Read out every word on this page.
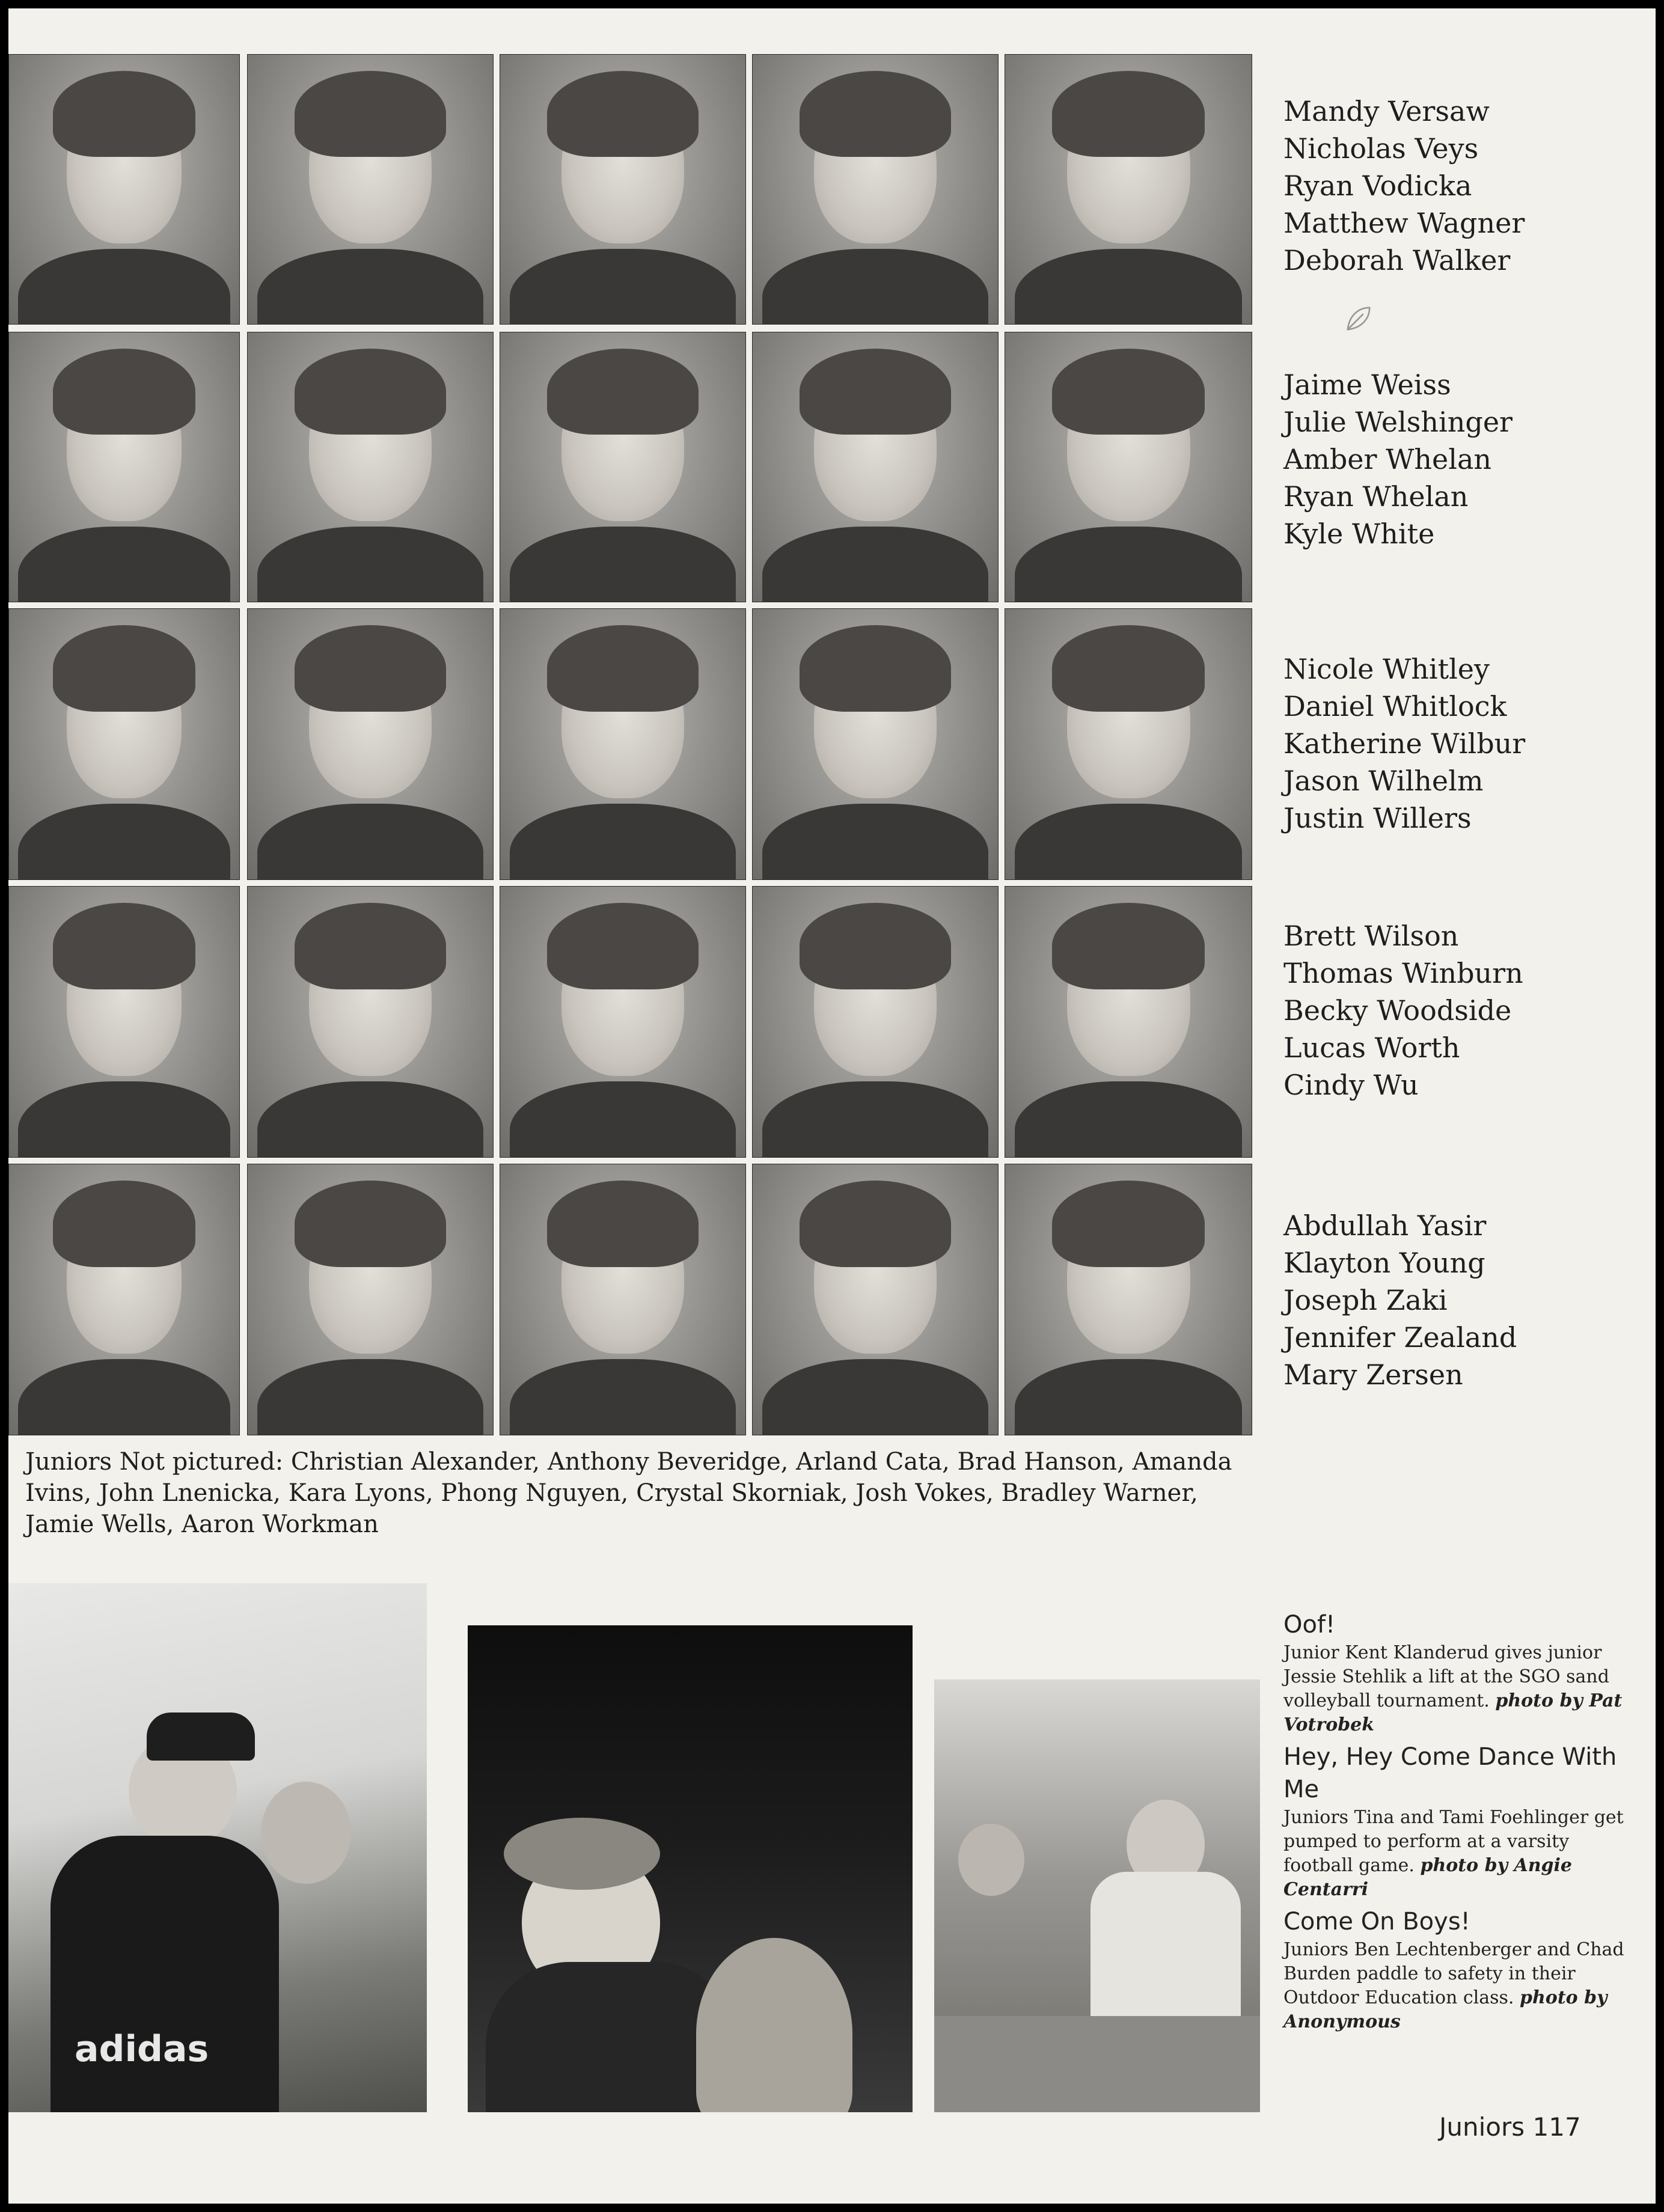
Mandy Versaw
Nicholas Veys
Ryan Vodicka
Matthew Wagner
Deborah Walker
Jaime Weiss
Julie Welshinger
Amber Whelan
Ryan Whelan
Kyle White
Nicole Whitley
Daniel Whitlock
Katherine Wilbur
Jason Wilhelm
Justin Willers
Brett Wilson
Thomas Winburn
Becky Woodside
Lucas Worth
Cindy Wu
Abdullah Yasir
Klayton Young
Joseph Zaki
Jennifer Zealand
Mary Zersen
Juniors Not pictured: Christian Alexander, Anthony Beveridge, Arland Cata, Brad Hanson, Amanda Ivins, John Lnenicka, Kara Lyons, Phong Nguyen, Crystal Skorniak, Josh Vokes, Bradley Warner, Jamie Wells, Aaron Workman
adidas
Oof!
Junior Kent Klanderud gives junior Jessie Stehlik a lift at the SGO sand volleyball tournament. photo by Pat Votrobek
Hey, Hey Come Dance With Me
Juniors Tina and Tami Foehlinger get pumped to perform at a varsity football game. photo by Angie Centarri
Come On Boys!
Juniors Ben Lechtenberger and Chad Burden paddle to safety in their Outdoor Education class. photo by Anonymous
Juniors 117
